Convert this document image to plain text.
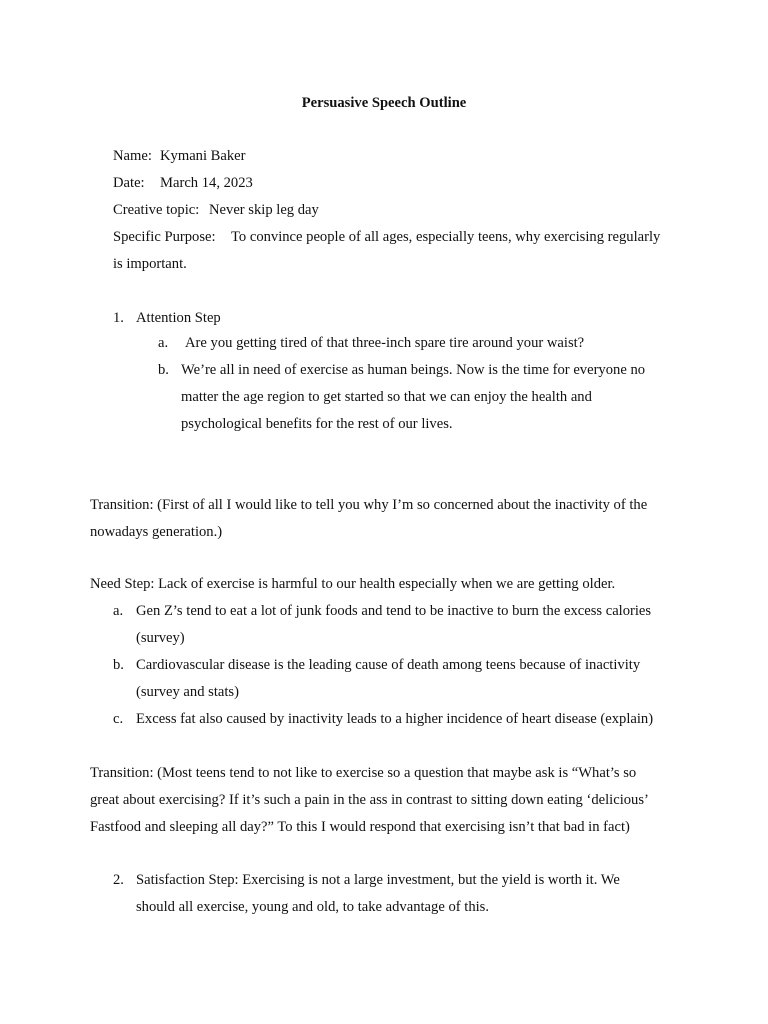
Persuasive Speech Outline
Name: Kymani Baker
Date: March 14, 2023
Creative topic: Never skip leg day
Specific Purpose: To convince people of all ages, especially teens, why exercising regularly
is important.
1. Attention Step
a. Are you getting tired of that three-inch spare tire around your waist?
b. We’re all in need of exercise as human beings. Now is the time for everyone no
matter the age region to get started so that we can enjoy the health and
psychological benefits for the rest of our lives.
Transition: (First of all I would like to tell you why I’m so concerned about the inactivity of the
nowadays generation.)
Need Step: Lack of exercise is harmful to our health especially when we are getting older.
a. Gen Z’s tend to eat a lot of junk foods and tend to be inactive to burn the excess calories
(survey)
b. Cardiovascular disease is the leading cause of death among teens because of inactivity
(survey and stats)
c. Excess fat also caused by inactivity leads to a higher incidence of heart disease (explain)
Transition: (Most teens tend to not like to exercise so a question that maybe ask is “What’s so
great about exercising? If it’s such a pain in the ass in contrast to sitting down eating ‘delicious’
Fastfood and sleeping all day?” To this I would respond that exercising isn’t that bad in fact)
2. Satisfaction Step: Exercising is not a large investment, but the yield is worth it. We
should all exercise, young and old, to take advantage of this.
